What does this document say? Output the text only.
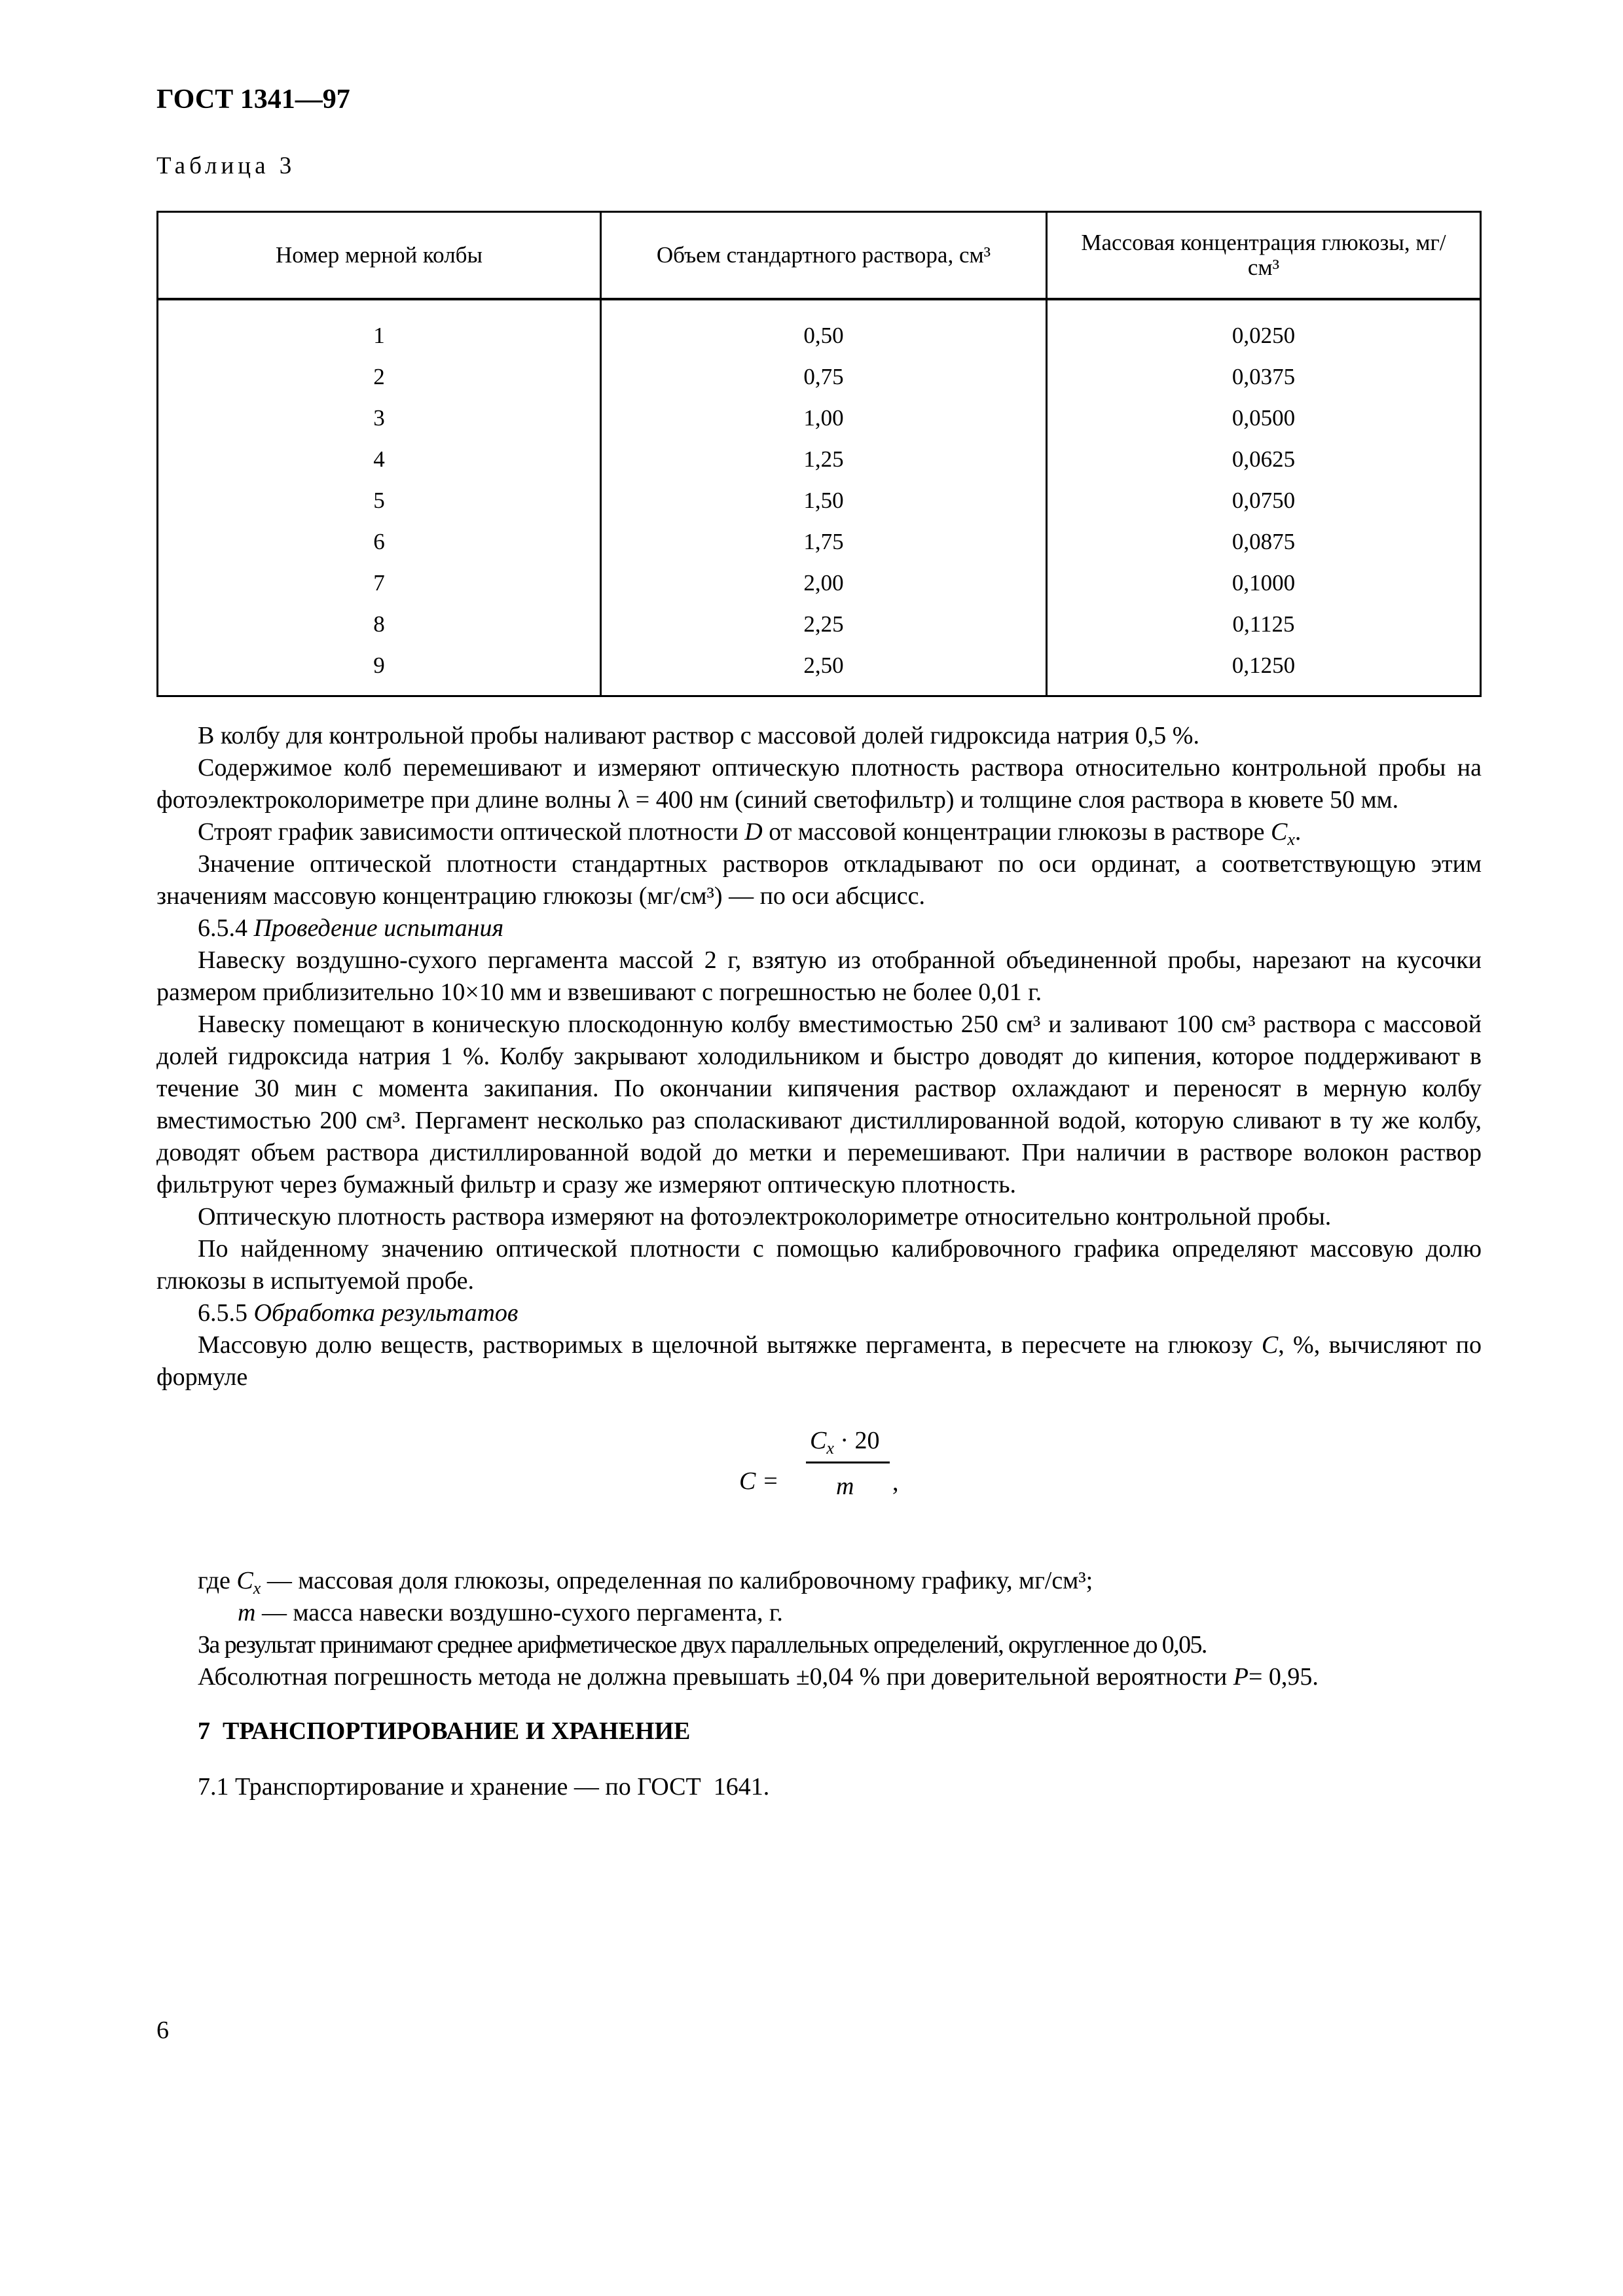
ГОСТ 1341—97
Таблица 3
Номер мерной колбы	Объем стандартного раствора, см³	Массовая концентрация глюкозы, мг/см³
1	0,50	0,0250
2	0,75	0,0375
3	1,00	0,0500
4	1,25	0,0625
5	1,50	0,0750
6	1,75	0,0875
7	2,00	0,1000
8	2,25	0,1125
9	2,50	0,1250

В колбу для контрольной пробы наливают раствор с массовой долей гидроксида натрия 0,5 %.

Содержимое колб перемешивают и измеряют оптическую плотность раствора относительно контрольной пробы на фотоэлектроколориметре при длине волны λ = 400 нм (синий светофильтр) и толщине слоя раствора в кювете 50 мм.

Строят график зависимости оптической плотности D от массовой концентрации глюкозы в растворе $C_x$.

Значение оптической плотности стандартных растворов откладывают по оси ординат, а соответствующую этим значениям массовую концентрацию глюкозы (мг/см³) — по оси абсцисс.

6.5.4 Проведение испытания

Навеску воздушно-сухого пергамента массой 2 г, взятую из отобранной объединенной пробы, нарезают на кусочки размером приблизительно 10×10 мм и взвешивают с погрешностью не более 0,01 г.

Навеску помещают в коническую плоскодонную колбу вместимостью 250 см³ и заливают 100 см³ раствора с массовой долей гидроксида натрия 1 %. Колбу закрывают холодильником и быстро доводят до кипения, которое поддерживают в течение 30 мин с момента закипания. По окончании кипячения раствор охлаждают и переносят в мерную колбу вместимостью 200 см³. Пергамент несколько раз споласкивают дистиллированной водой, которую сливают в ту же колбу, доводят объем раствора дистиллированной водой до метки и перемешивают. При наличии в растворе волокон раствор фильтруют через бумажный фильтр и сразу же измеряют оптическую плотность.

Оптическую плотность раствора измеряют на фотоэлектроколориметре относительно контрольной пробы.

По найденному значению оптической плотности с помощью калибровочного графика определяют массовую долю глюкозы в испытуемой пробе.

6.5.5 Обработка результатов

Массовую долю веществ, растворимых в щелочной вытяжке пергамента, в пересчете на глюкозу C, %, вычисляют по формуле

C =
$C_x \cdot 20$
m ,

где $C_x$ — массовая доля глюкозы, определенная по калибровочному графику, мг/см³;

m — масса навески воздушно-сухого пергамента, г.

За результат принимают среднее арифметическое двух параллельных определений, округленное до 0,05.

Абсолютная погрешность метода не должна превышать ±0,04 % при доверительной вероятности P= 0,95.

7  ТРАНСПОРТИРОВАНИЕ И ХРАНЕНИЕ

7.1 Транспортирование и хранение — по ГОСТ  1641.

6
